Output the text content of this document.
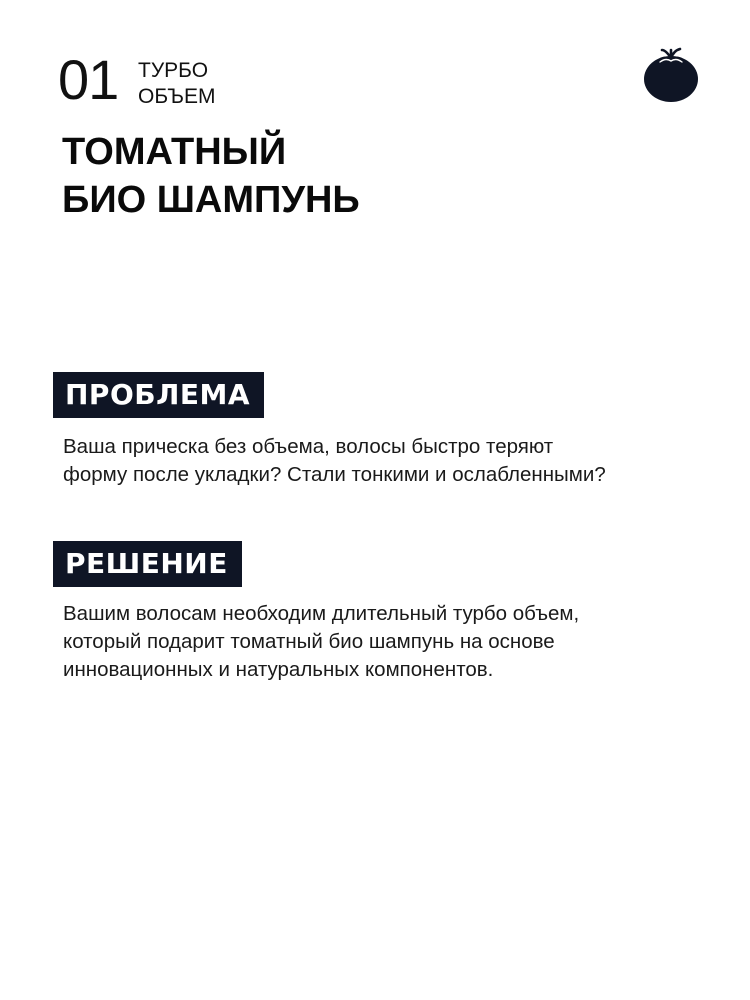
01 ТУРБО
ОБЪЕМ
ТОМАТНЫЙ
БИО ШАМПУНЬ
ПРОБЛЕМА
Ваша прическа без объема, волосы быстро теряют
форму после укладки? Стали тонкими и ослабленными?
РЕШЕНИЕ
Вашим волосам необходим длительный турбо объем,
который подарит томатный био шампунь на основе
инновационных и натуральных компонентов.
